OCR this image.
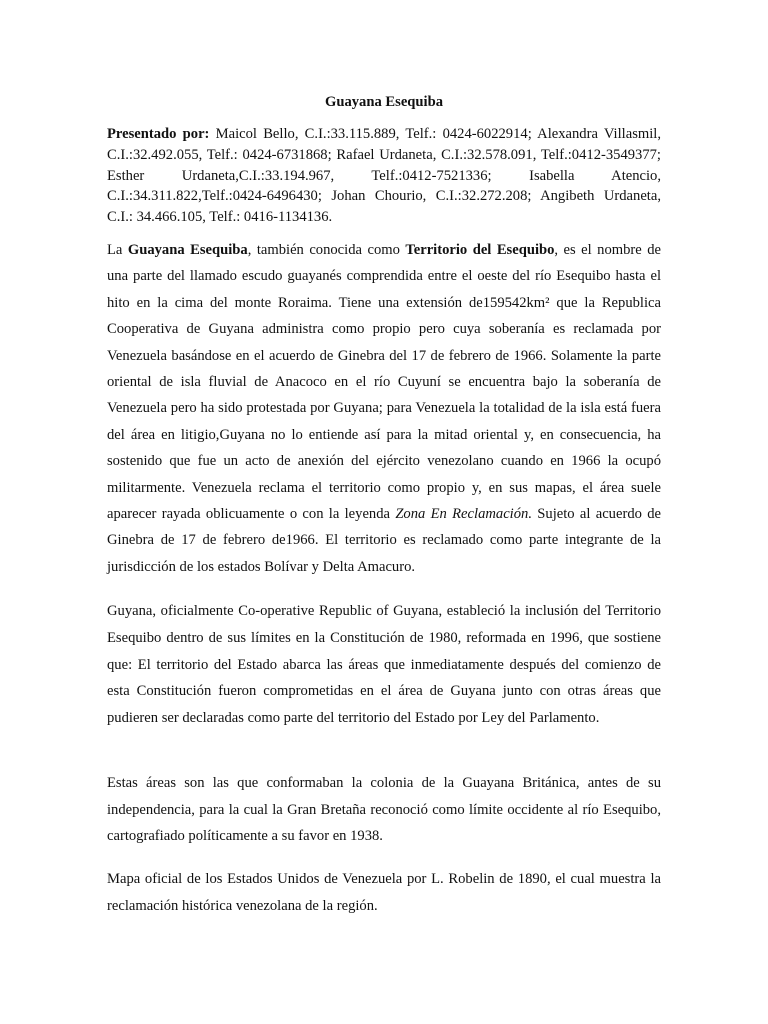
Guayana Esequiba

Presentado por: Maicol Bello, C.I.:33.115.889, Telf.: 0424-6022914; Alexandra Villasmil, C.I.:32.492.055, Telf.: 0424-6731868; Rafael Urdaneta, C.I.:32.578.091, Telf.:0412-3549377; Esther Urdaneta,C.I.:33.194.967, Telf.:0412-7521336; Isabella Atencio, C.I.:34.311.822,Telf.:0424-6496430; Johan Chourio, C.I.:32.272.208; Angibeth Urdaneta, C.I.: 34.466.105, Telf.: 0416-1134136.

La Guayana Esequiba, también conocida como Territorio del Esequibo, es el nombre de una parte del llamado escudo guayanés comprendida entre el oeste del río Esequibo hasta el hito en la cima del monte Roraima. Tiene una extensión de159542km² que la Republica Cooperativa de Guyana administra como propio pero cuya soberanía es reclamada por Venezuela basándose en el acuerdo de Ginebra del 17 de febrero de 1966. Solamente la parte oriental de isla fluvial de Anacoco en el río Cuyuní se encuentra bajo la soberanía de Venezuela pero ha sido protestada por Guyana; para Venezuela la totalidad de la isla está fuera del área en litigio,Guyana no lo entiende así para la mitad oriental y, en consecuencia, ha sostenido que fue un acto de anexión del ejército venezolano cuando en 1966 la ocupó militarmente. Venezuela reclama el territorio como propio y, en sus mapas, el área suele aparecer rayada oblicuamente o con la leyenda Zona En Reclamación. Sujeto al acuerdo de Ginebra de 17 de febrero de1966. El territorio es reclamado como parte integrante de la jurisdicción de los estados Bolívar y Delta Amacuro.

Guyana, oficialmente Co-operative Republic of Guyana, estableció la inclusión del Territorio Esequibo dentro de sus límites en la Constitución de 1980, reformada en 1996, que sostiene que: El territorio del Estado abarca las áreas que inmediatamente después del comienzo de esta Constitución fueron comprometidas en el área de Guyana junto con otras áreas que pudieren ser declaradas como parte del territorio del Estado por Ley del Parlamento.

Estas áreas son las que conformaban la colonia de la Guayana Británica, antes de su independencia, para la cual la Gran Bretaña reconoció como límite occidente al río Esequibo, cartografiado políticamente a su favor en 1938.

Mapa oficial de los Estados Unidos de Venezuela por L. Robelin de 1890, el cual muestra la reclamación histórica venezolana de la región.
